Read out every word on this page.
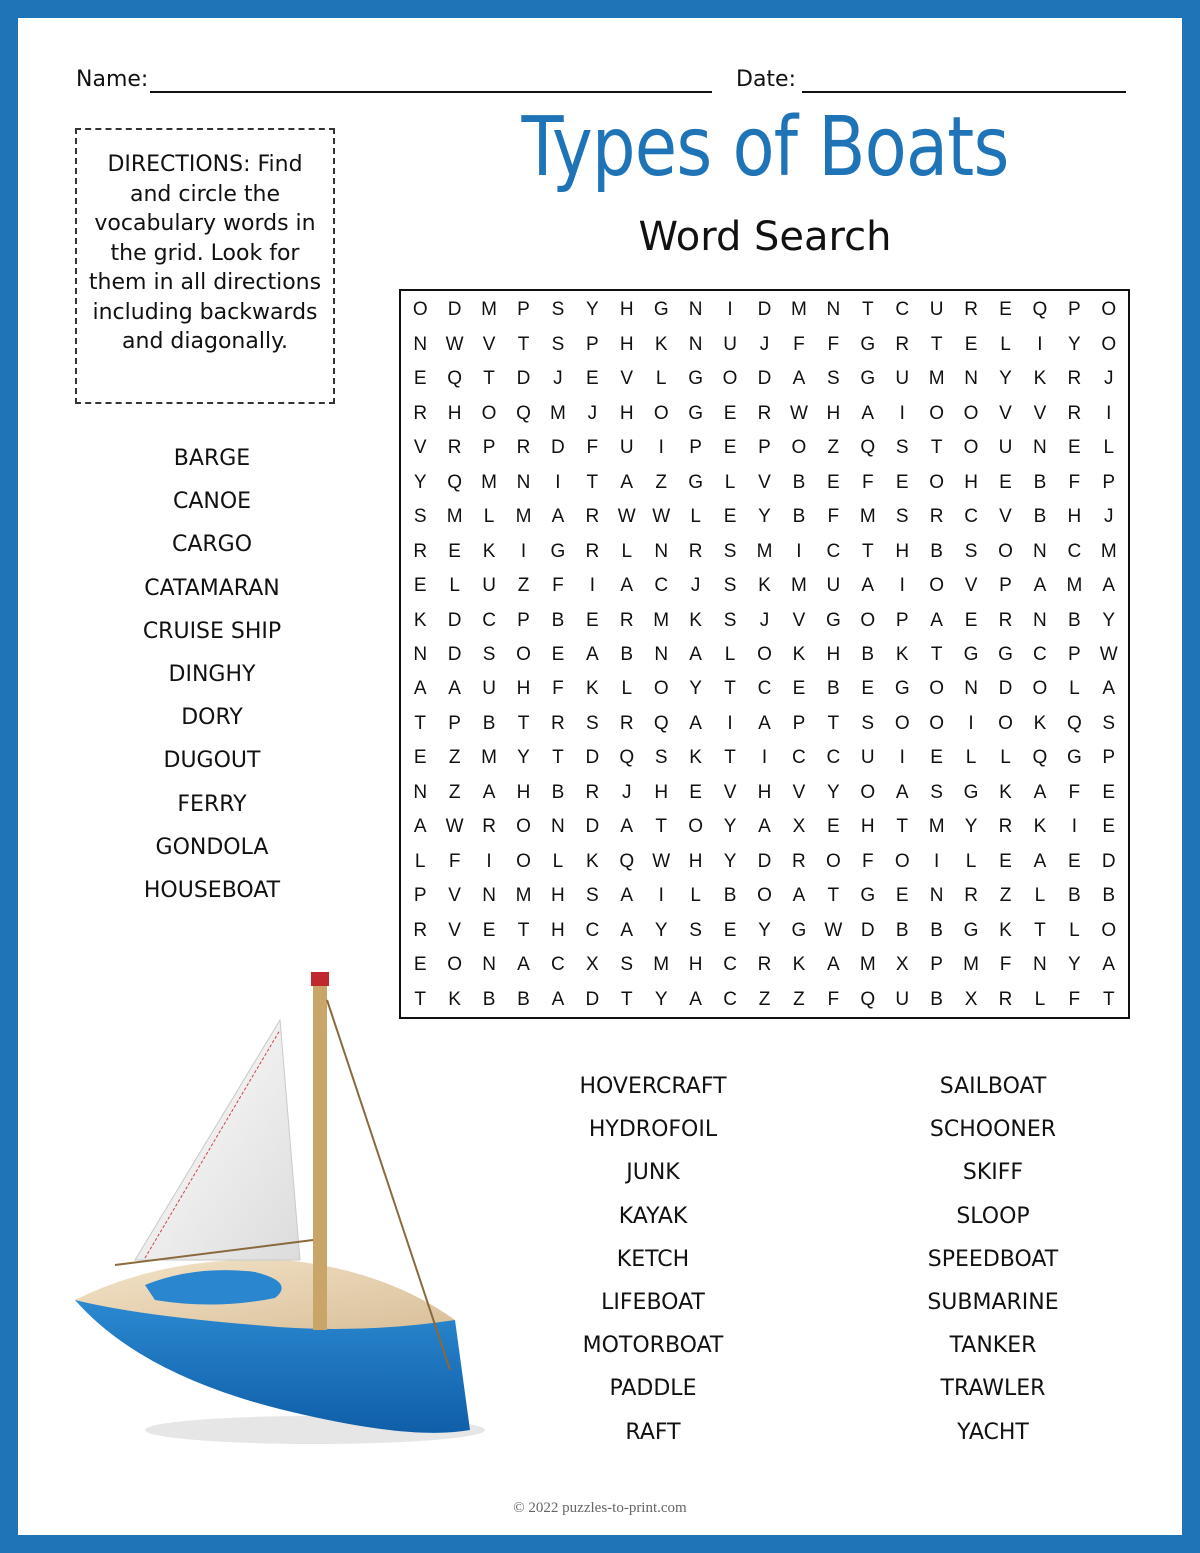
Name:	Date:
DIRECTIONS: Find and circle the vocabulary words in the grid. Look for them in all directions including backwards and diagonally.
Types of Boats
Word Search
BARGE
CANOE
CARGO
CATAMARAN
CRUISE SHIP
DINGHY
DORY
DUGOUT
FERRY
GONDOLA
HOUSEBOAT
O	D	M	P	S	Y	H	G	N	I	D	M	N	T	C	U	R	E	Q	P	O
N W	V	T	S	P	H	K	N	U	J	F	F	G	R	T	E	L	I	Y	O
E	Q	T	D	J	E	V	L	G	O	D	A	S	G	U	M	N	Y	K	R	J
R	H	O	Q	M	J	H	O	G	E	R W H	A	I	O	O	V	V	R	I
V	R	P	R	D	F	U	I	P	E	P	O	Z	Q	S	T	O	U	N	E	L
Y	Q	M	N	I	T	A	Z	G	L	V	B	E	F	E	O	H	E	B	F	P
S	M	L	M	A	R W W	L	E	Y	B	F	M	S	R	C	V	B	H	J
R	E	K	I	G	R	L	N	R	S	M	I	C	T	H	B	S	O	N	C	M
E	L	U	Z	F	I	A	C	J	S	K	M	U	A	I	O	V	P	A	M	A
K	D	C	P	B	E	R	M	K	S	J	V	G	O	P	A	E	R	N	B	Y
N	D	S	O	E	A	B	N	A	L	O	K	H	B	K	T	G	G	C	P	W
A	A	U	H	F	K	L	O	Y	T	C	E	B	E	G	O	N	D	O	L	A
T	P	B	T	R	S	R	Q	A	I	A	P	T	S	O	O	I	O	K	Q	S
E	Z	M	Y	T	D	Q	S	K	T	I	C	C	U	I	E	L	L	Q	G	P
N	Z	A	H	B	R	J	H	E	V	H	V	Y	O	A	S	G	K	A	F	E
A	W R	O	N	D	A	T	O	Y	A	X	E	H	T	M	Y	R	K	I	E
L	F	I	O	L	K	Q W H	Y	D	R	O	F	O	I	L	E	A	E	D
P	V	N	M	H	S	A	I	L	B	O	A	T	G	E	N	R	Z	L	B	B
R	V	E	T	H	C	A	Y	S	E	Y	G W D	B	B	G	K	T	L	O
E	O	N	A	C	X	S	M	H	C	R	K	A	M	X	P	M	F	N	Y	A
T	K	B	B	A	D	T	Y	A	C	Z	Z	F	Q	U	B	X	R	L	F	T
HOVERCRAFT
HYDROFOIL
JUNK
KAYAK
KETCH
LIFEBOAT
MOTORBOAT
PADDLE
RAFT
SAILBOAT
SCHOONER
SKIFF
SLOOP
SPEEDBOAT
SUBMARINE
TANKER
TRAWLER
YACHT
© 2022 puzzles-to-print.com
